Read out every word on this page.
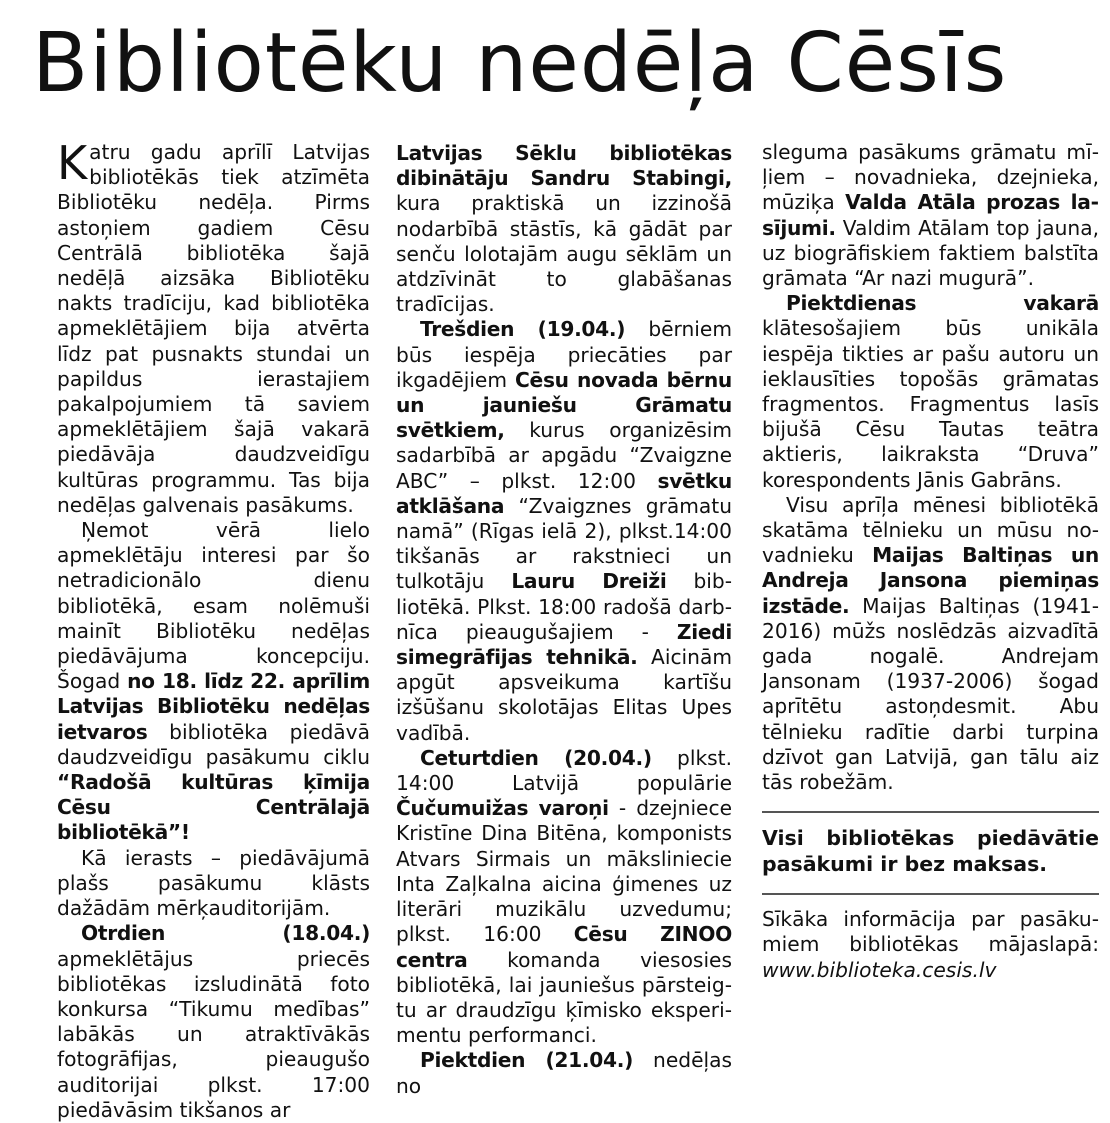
Bibliotēku nedēļa Cēsīs

Katru gadu aprīlī Latvijas bibliotēkās tiek atzīmēta Bibliotēku nedēļa. Pirms astoņiem gadiem Cēsu Centrālā bibliotēka šajā nedēļā aizsāka Bibliotēku nakts tradīciju, kad bibliotēka apmeklētājiem bija atvērta līdz pat pusnakts stundai un papildus ierastajiem pakalpojumiem tā saviem apmeklētājiem šajā vakarā piedāvāja daudzveidīgu kultūras programmu. Tas bija nedēļas galvenais pasākums.

Ņemot vērā lielo apmeklētāju interesi par šo netradicionālo dienu bibliotēkā, esam nolēmuši mainīt Bibliotēku nedēļas piedāvājuma koncepciju. Šogad no 18. līdz 22. aprīlim Latvijas Bibliotēku nedēļas ietvaros bibliotēka piedāvā daudzveidīgu pasākumu ciklu “Radošā kultūras ķīmija Cēsu Centrālajā bibliotēkā”!

Kā ierasts – piedāvājumā plašs pasākumu klāsts dažādām mērķauditorijām.

Otrdien (18.04.) apmeklētājus priecēs bibliotēkas izsludinātā foto konkursa “Tikumu medības” labākās un atraktīvākās fotogrāfijas, pieaugušo auditorijai plkst. 17:00 piedāvāsim tikšanos ar

Latvijas Sēklu bibliotēkas dibinātāju Sandru Stabingi, kura praktiskā un izzinošā nodarbībā stāstīs, kā gādāt par senču lolotajām augu sēklām un atdzīvināt to glabāšanas tradīcijas.

Trešdien (19.04.) bērniem būs iespēja priecāties par ikgadējiem Cēsu novada bērnu un jauniešu Grāmatu svētkiem, kurus organizēsim sadarbībā ar apgādu “Zvaigzne ABC” – plkst. 12:00 svētku atklāšana “Zvaigznes grāmatu namā” (Rīgas ielā 2), plkst.14:00 tikšanās ar rakstnieci un tulkotāju Lauru Dreiži bibliotēkā. Plkst. 18:00 radošā darbnīca pieaugušajiem - Ziedi simegrāfijas tehnikā. Aicinām apgūt apsveikuma kartīšu izšūšanu skolotājas Elitas Upes vadībā.

Ceturtdien (20.04.) plkst. 14:00 Latvijā populārie Čučumuižas varoņi - dzejniece Kristīne Dina Bitēna, komponists Atvars Sirmais un mākslinieciе Inta Zaļkalna aicina ģimenes uz literāri muzikālu uzvedumu; plkst. 16:00 Cēsu ZINOO centra komanda viesosies bibliotēkā, lai jauniešus pārsteigtu ar draudzīgu ķīmisko eksperimentu performanci.

Piektdien (21.04.) nedēļas no

sleguma pasākums grāmatu mīļiem – novadnieka, dzejnieka, mūziķa Valda Atāla prozas lasījumi. Valdim Atālam top jauna, uz biogrāfiskiem faktiem balstīta grāmata “Ar nazi mugurā”.

Piektdienas vakarā klātesošajiem būs unikāla iespēja tikties ar pašu autoru un ieklausīties topošās grāmatas fragmentos. Fragmentus lasīs bijušā Cēsu Tautas teātra aktieris, laikraksta “Druva” korespondents Jānis Gabrāns.

Visu aprīļa mēnesi bibliotēkā skatāma tēlnieku un mūsu novadnieku Maijas Baltiņas un Andreja Jansona piemiņas izstāde. Maijas Baltiņas (1941-2016) mūžs noslēdzās aizvadītā gada nogalē. Andrejam Jansonam (1937-2006) šogad aprītētu astoņdesmit. Abu tēlnieku radītie darbi turpina dzīvot gan Latvijā, gan tālu aiz tās robežām.

Visi bibliotēkas piedāvātie pasākumi ir bez maksas.

Sīkāka informācija par pasākumiem bibliotēkas mājaslapā: www.biblioteka.cesis.lv
